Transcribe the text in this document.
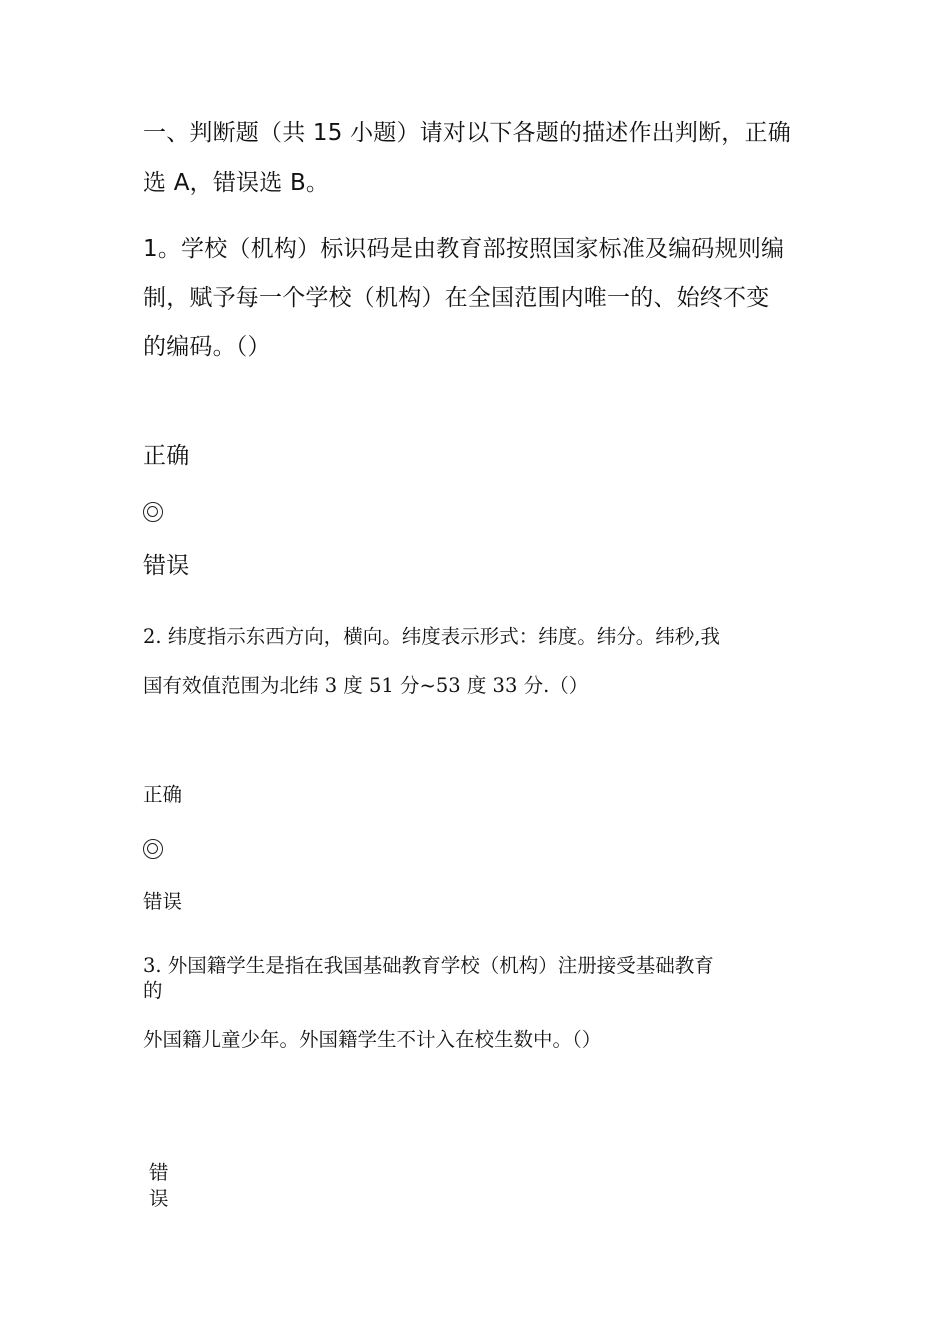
一、判断题（共 15 小题）请对以下各题的描述作出判断，正确
选 A，错误选 B。
1。学校（机构）标识码是由教育部按照国家标准及编码规则编
制，赋予每一个学校（机构）在全国范围内唯一的、始终不变
的编码。（）
正确
错误
2. 纬度指示东西方向，横向。纬度表示形式：纬度。纬分。纬秒,我
国有效值范围为北纬 3 度 51 分~53 度 33 分.（）
正确
错误
3. 外国籍学生是指在我国基础教育学校（机构）注册接受基础教育
的
外国籍儿童少年。外国籍学生不计入在校生数中。（）
错误
